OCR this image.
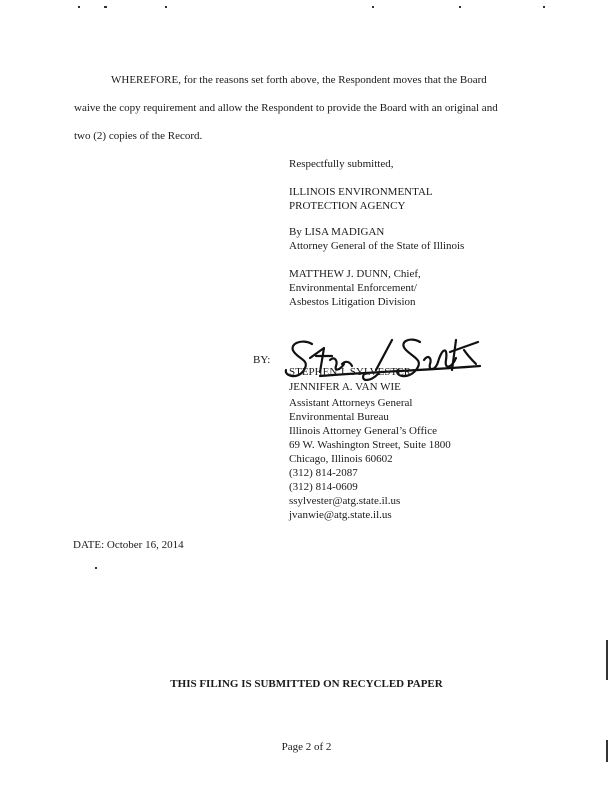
WHEREFORE, for the reasons set forth above, the Respondent moves that the Board
waive the copy requirement and allow the Respondent to provide the Board with an original and
two (2) copies of the Record.
Respectfully submitted,
ILLINOIS ENVIRONMENTAL
PROTECTION AGENCY
By LISA MADIGAN
Attorney General of the State of Illinois
MATTHEW J. DUNN, Chief,
Environmental Enforcement/
Asbestos Litigation Division
BY:
STEPHEN J. SYLVESTER
JENNIFER A. VAN WIE
Assistant Attorneys General
Environmental Bureau
Illinois Attorney General’s Office
69 W. Washington Street, Suite 1800
Chicago, Illinois 60602
(312) 814-2087
(312) 814-0609
ssylvester@atg.state.il.us
jvanwie@atg.state.il.us
DATE: October 16, 2014
THIS FILING IS SUBMITTED ON RECYCLED PAPER
Page 2 of 2
